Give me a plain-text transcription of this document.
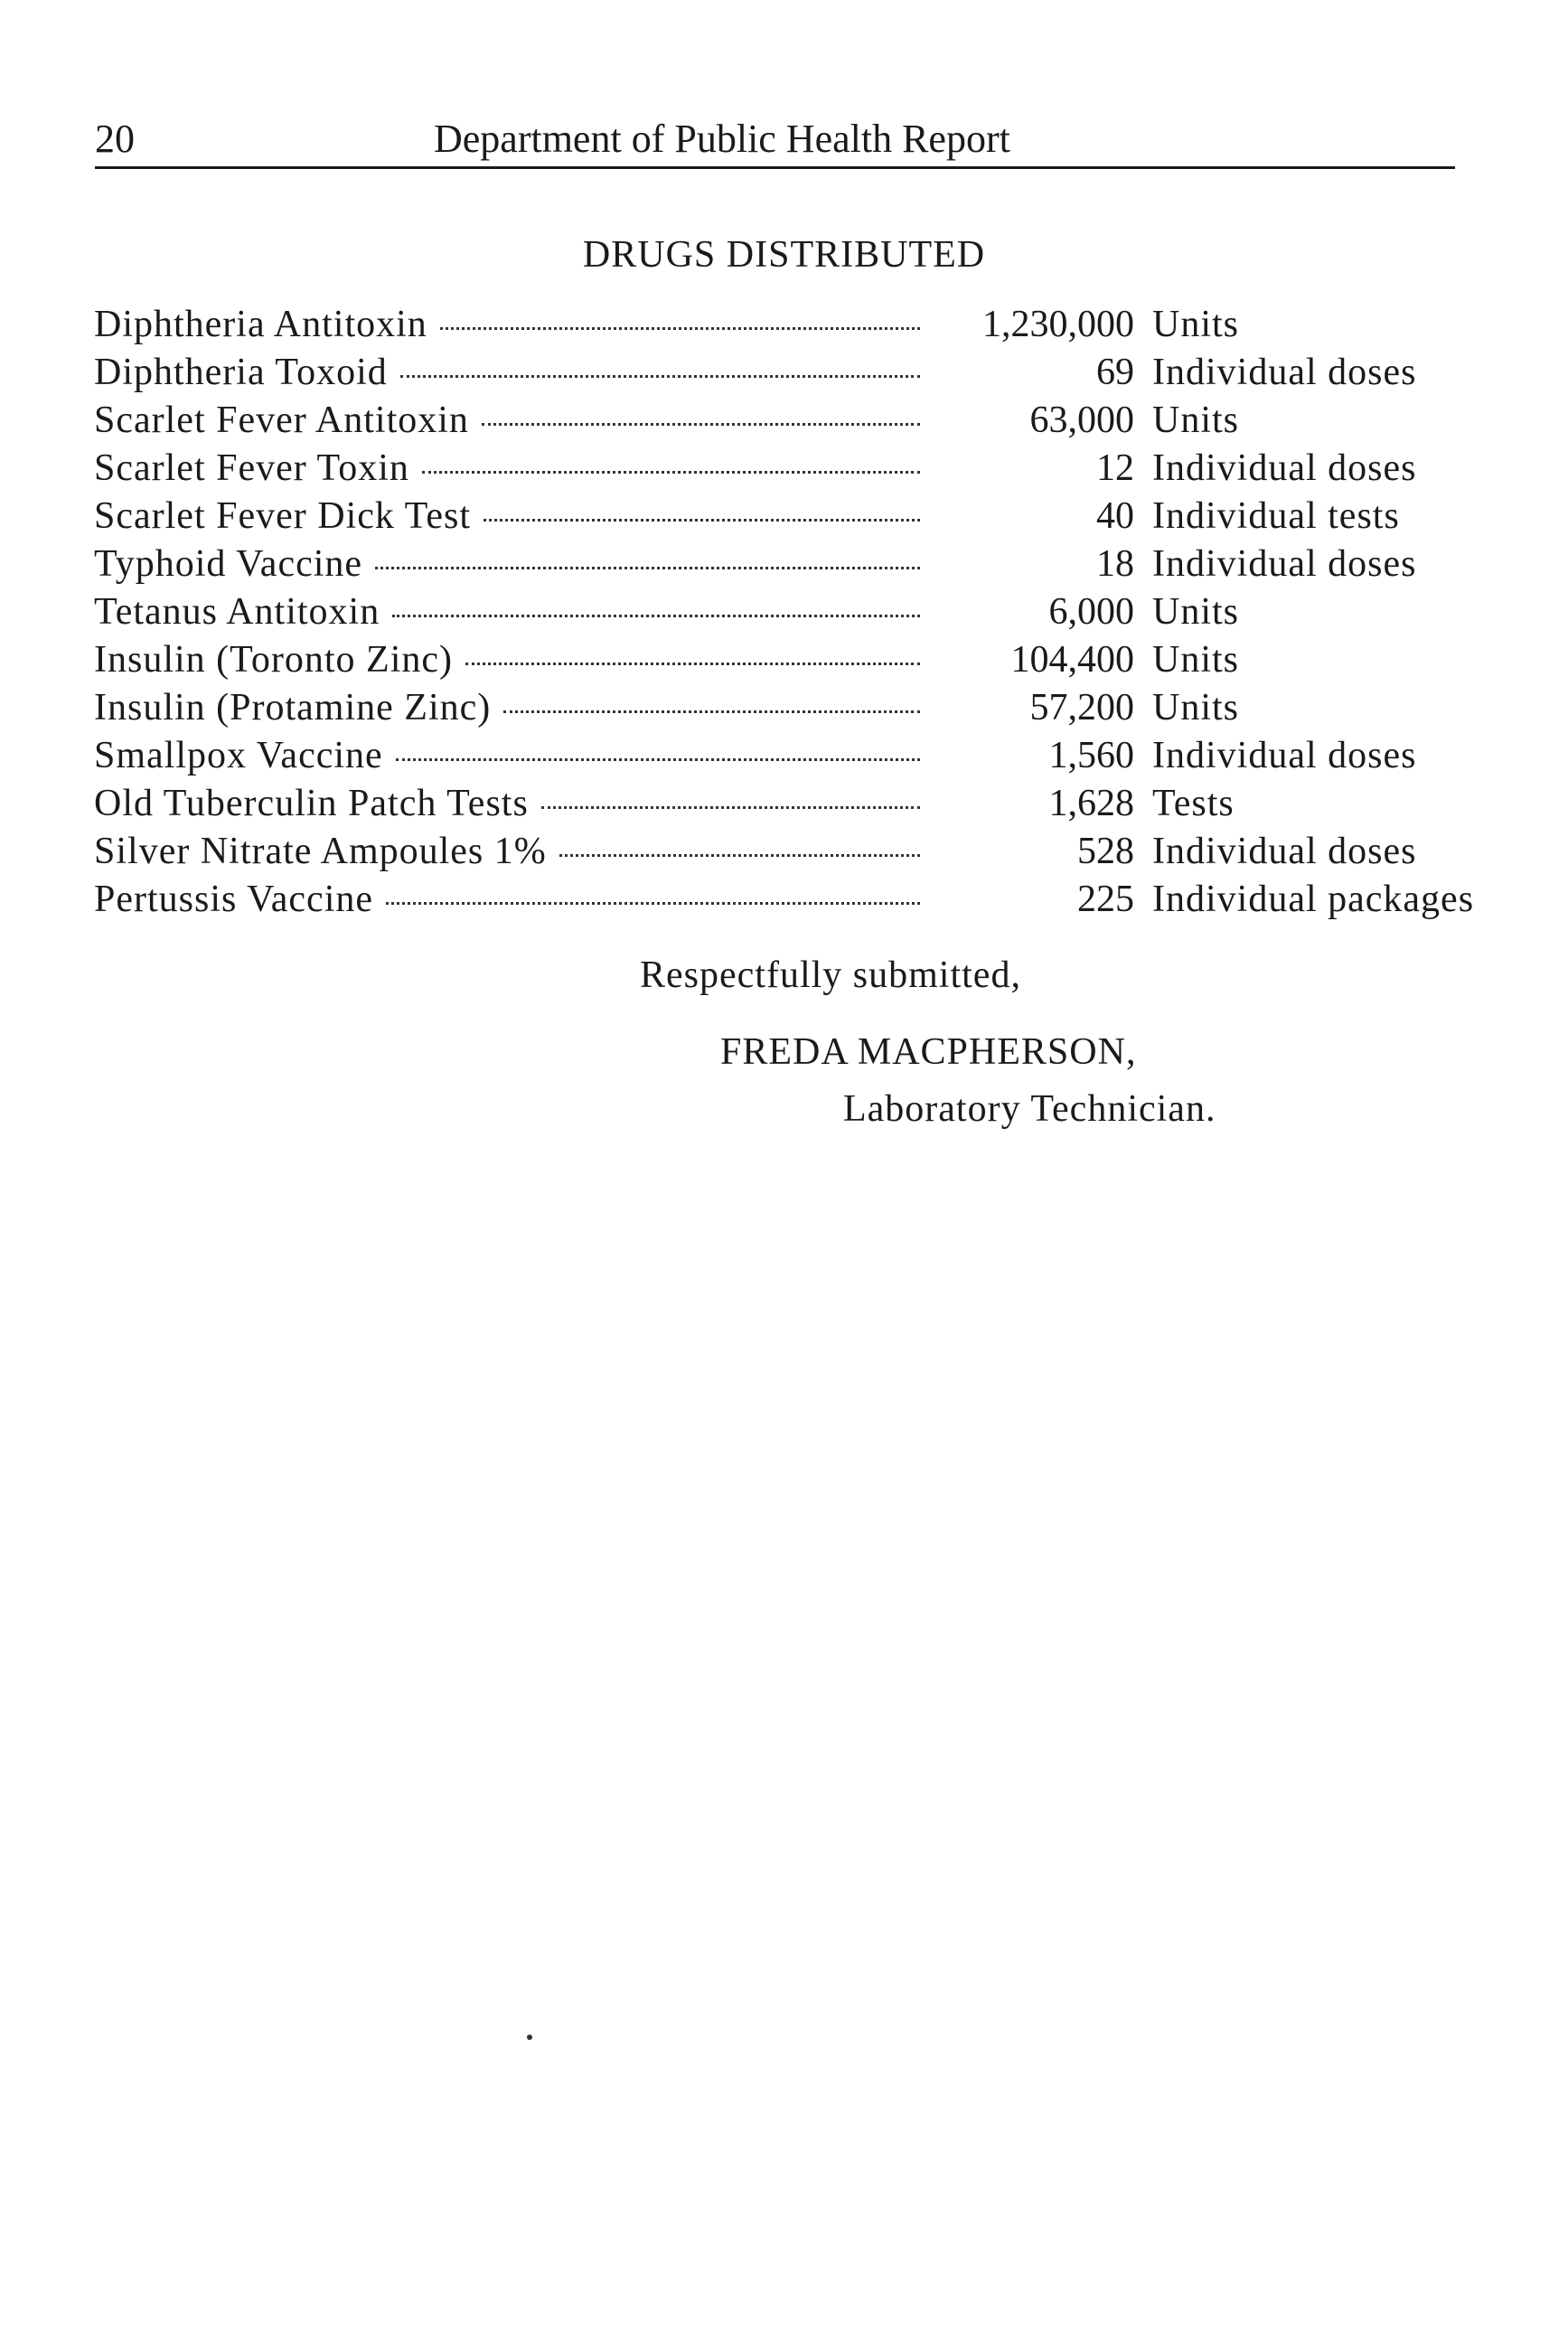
20	Department of Public Health Report
DRUGS DISTRIBUTED
Diphtheria Antitoxin	1,230,000 Units
Diphtheria Toxoid	69 Individual doses
Scarlet Fever Antitoxin	63,000 Units
Scarlet Fever Toxin	12 Individual doses
Scarlet Fever Dick Test	40 Individual tests
Typhoid Vaccine	18 Individual doses
Tetanus Antitoxin	6,000 Units
Insulin (Toronto Zinc)	104,400 Units
Insulin (Protamine Zinc)	57,200 Units
Smallpox Vaccine	1,560 Individual doses
Old Tuberculin Patch Tests	1,628 Tests
Silver Nitrate Ampoules 1%	528 Individual doses
Pertussis Vaccine	225 Individual packages
Respectfully submitted,
FREDA MACPHERSON,
Laboratory Technician.
